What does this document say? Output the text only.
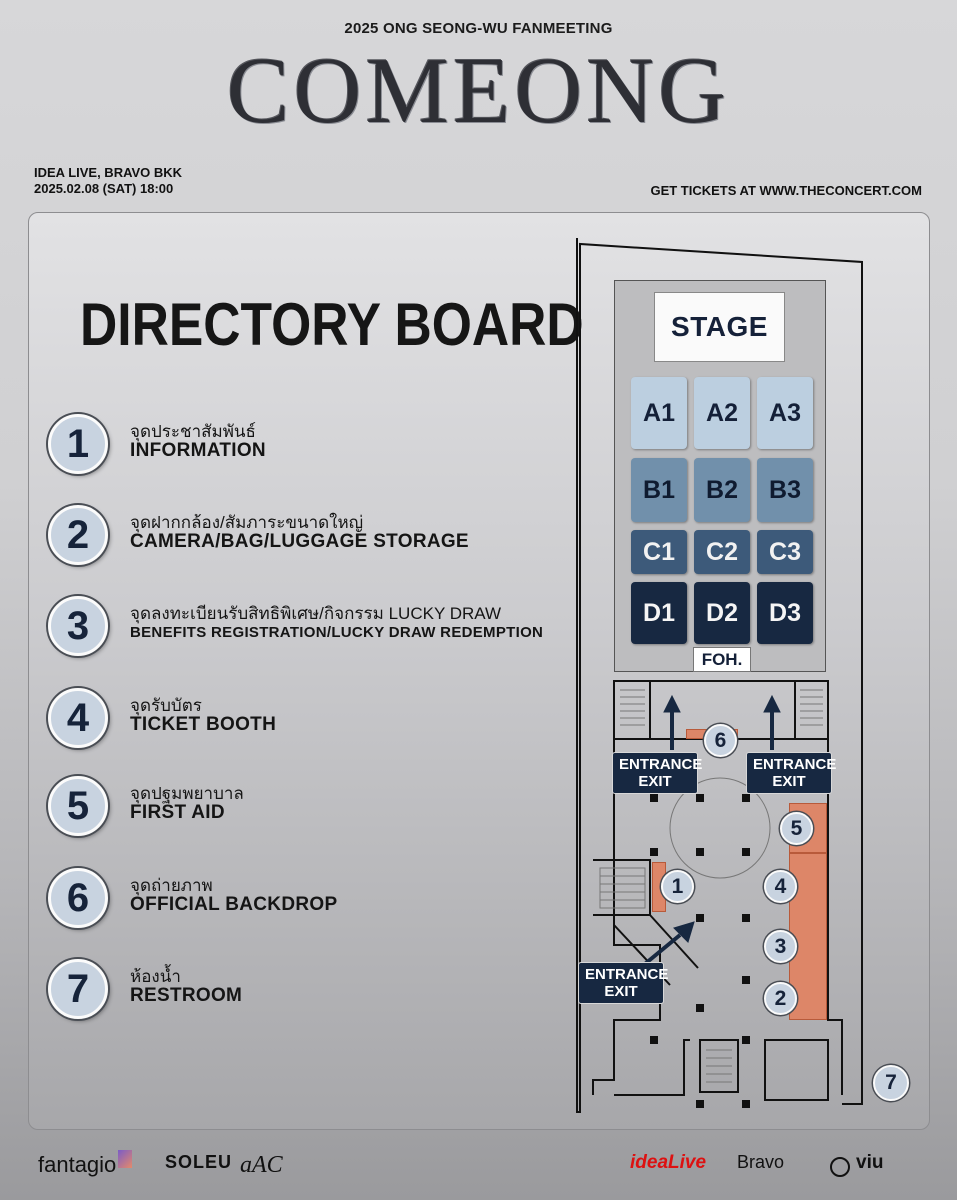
2025 ONG SEONG-WU FANMEETING
COMEONG
IDEA LIVE, BRAVO BKK
2025.02.08 (SAT) 18:00	GET TICKETS AT WWW.THECONCERT.COM
DIRECTORY BOARD
1	จุดประชาสัมพันธ์
INFORMATION
2	จุดฝากกล้อง/สัมภาระขนาดใหญ่
CAMERA/BAG/LUGGAGE STORAGE
3	จุดลงทะเบียนรับสิทธิพิเศษ/กิจกรรม LUCKY DRAW
BENEFITS REGISTRATION/LUCKY DRAW REDEMPTION
4	จุดรับบัตร
TICKET BOOTH
5	จุดปฐมพยาบาล
FIRST AID
6	จุดถ่ายภาพ
OFFICIAL BACKDROP
7	ห้องน้ำ
RESTROOM
STAGE
A1	A2	A3
B1	B2	B3
C1	C2	C3
D1	D2	D3
FOH.
6
5
1	4
3
2
7
ENTRANCE
EXIT
ENTRANCE
EXIT
ENTRANCE
EXIT
fantagio	SOLEU aAC	ideaLive Bravo	viu
